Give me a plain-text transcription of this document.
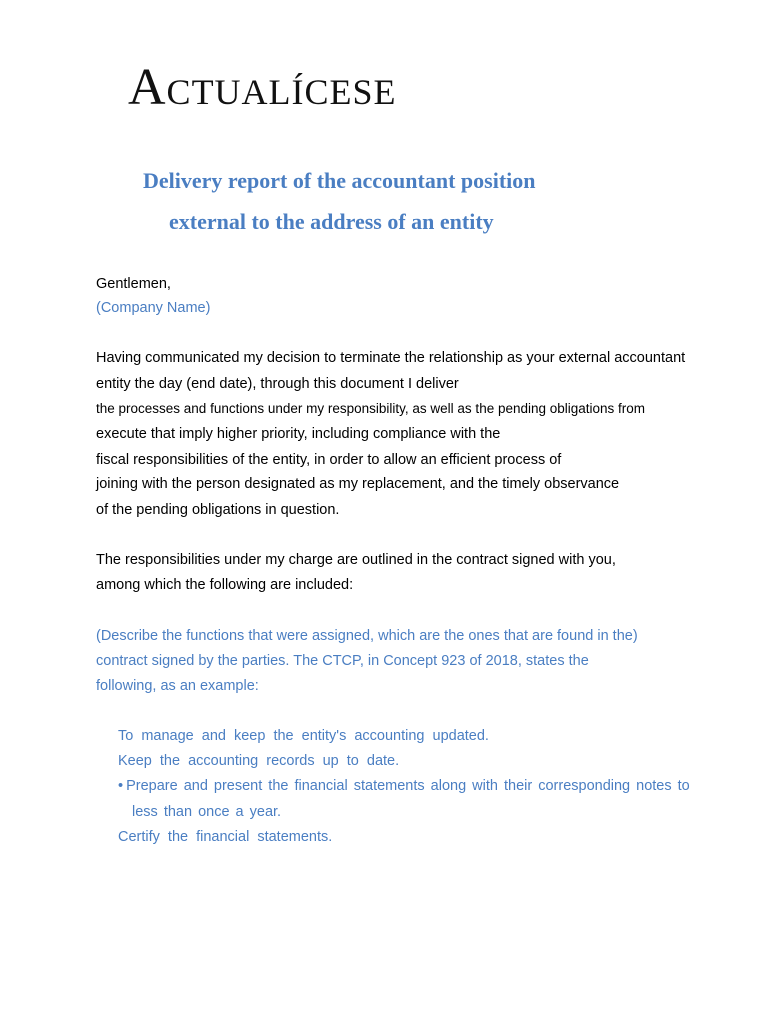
Actualícese
Delivery report of the accountant position
external to the address of an entity
Gentlemen,
(Company Name)
Having communicated my decision to terminate the relationship as your external accountant
entity the day (end date), through this document I deliver
the processes and functions under my responsibility, as well as the pending obligations from
execute that imply higher priority, including compliance with the
fiscal responsibilities of the entity, in order to allow an efficient process of
joining with the person designated as my replacement, and the timely observance
of the pending obligations in question.
The responsibilities under my charge are outlined in the contract signed with you,
among which the following are included:
(Describe the functions that were assigned, which are the ones that are found in the)
contract signed by the parties. The CTCP, in Concept 923 of 2018, states the
following, as an example:
To manage and keep the entity's accounting updated.
Keep the accounting records up to date.
• Prepare and present the financial statements along with their corresponding notes to
less than once a year.
Certify the financial statements.
